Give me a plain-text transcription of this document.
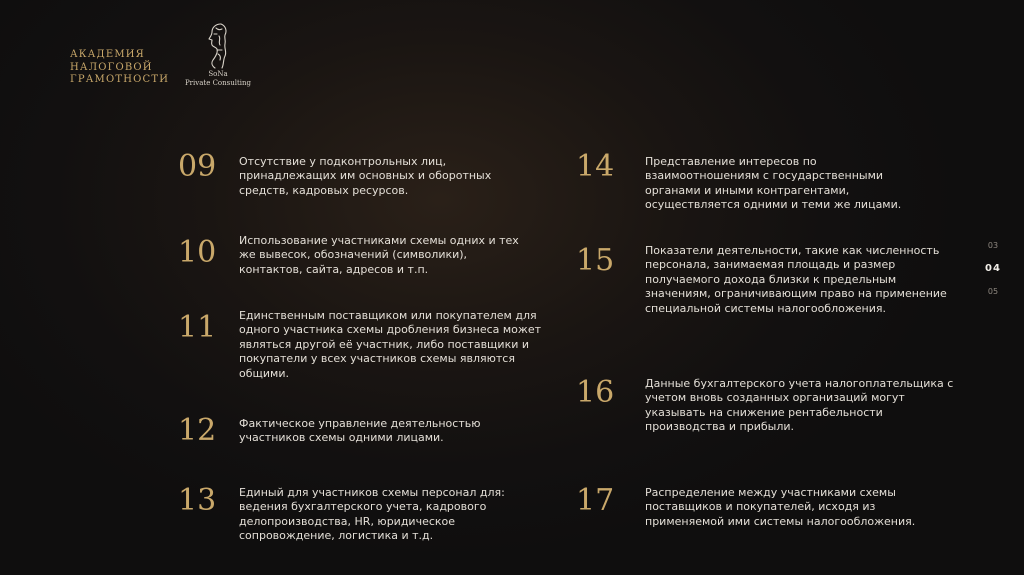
АКАДЕМИЯ
НАЛОГОВОЙ
ГРАМОТНОСТИ	SoNa
Private Consulting
09 Отсутствие у подконтрольных лиц, принадлежащих им основных и оборотных средств, кадровых ресурсов.
10 Использование участниками схемы одних и тех же вывесок, обозначений (символики), контактов, сайта, адресов и т.п.
11 Единственным поставщиком или покупателем для одного участника схемы дробления бизнеса может являться другой её участник, либо поставщики и покупатели у всех участников схемы являются общими.
12 Фактическое управление деятельностью участников схемы одними лицами.
13 Единый для участников схемы персонал для: ведения бухгалтерского учета, кадрового делопроизводства, HR, юридическое сопровождение, логистика и т.д.
14	Представление интересов по взаимоотношениям с государственными органами и иными контрагентами, осуществляется одними и теми же лицами.
15	Показатели деятельности, такие как численность персонала, занимаемая площадь и размер получаемого дохода близки к предельным значениям, ограничивающим право на применение специальной системы налогообложения.
16	Данные бухгалтерского учета налогоплательщика с учетом вновь созданных организаций могут указывать на снижение рентабельности производства и прибыли.
17	Распределение между участниками схемы поставщиков и покупателей, исходя из применяемой ими системы налогообложения.
03
04
05
